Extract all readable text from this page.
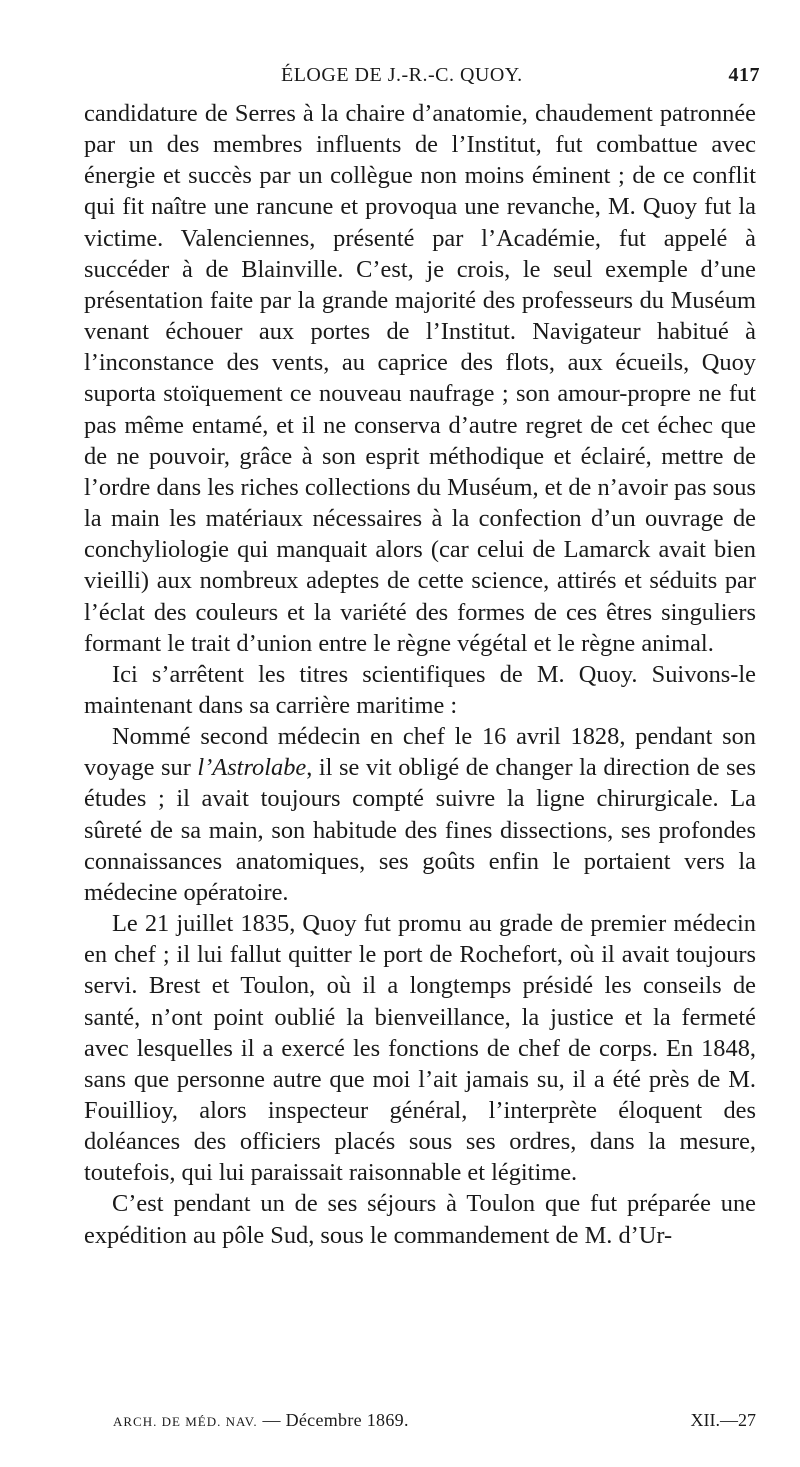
ÉLOGE DE J.-R.-C. QUOY.	417

candidature de Serres à la chaire d’anatomie, chaudement patronnée par un des membres influents de l’Institut, fut combattue avec énergie et succès par un collègue non moins éminent ; de ce conflit qui fit naître une rancune et provoqua une revanche, M. Quoy fut la victime. Valenciennes, présenté par l’Académie, fut appelé à succéder à de Blainville. C’est, je crois, le seul exemple d’une présentation faite par la grande majorité des professeurs du Muséum venant échouer aux portes de l’Institut. Navigateur habitué à l’inconstance des vents, au caprice des flots, aux écueils, Quoy suporta stoïquement ce nouveau naufrage ; son amour-propre ne fut pas même entamé, et il ne conserva d’autre regret de cet échec que de ne pouvoir, grâce à son esprit méthodique et éclairé, mettre de l’ordre dans les riches collections du Muséum, et de n’avoir pas sous la main les matériaux nécessaires à la confection d’un ouvrage de conchyliologie qui manquait alors (car celui de Lamarck avait bien vieilli) aux nombreux adeptes de cette science, attirés et séduits par l’éclat des couleurs et la variété des formes de ces êtres singuliers formant le trait d’union entre le règne végétal et le règne animal.

Ici s’arrêtent les titres scientifiques de M. Quoy. Suivons-le maintenant dans sa carrière maritime :

Nommé second médecin en chef le 16 avril 1828, pendant son voyage sur l’Astrolabe, il se vit obligé de changer la direction de ses études ; il avait toujours compté suivre la ligne chirurgicale. La sûreté de sa main, son habitude des fines dissections, ses profondes connaissances anatomiques, ses goûts enfin le portaient vers la médecine opératoire.

Le 21 juillet 1835, Quoy fut promu au grade de premier médecin en chef ; il lui fallut quitter le port de Rochefort, où il avait toujours servi. Brest et Toulon, où il a longtemps présidé les conseils de santé, n’ont point oublié la bienveillance, la justice et la fermeté avec lesquelles il a exercé les fonctions de chef de corps. En 1848, sans que personne autre que moi l’ait jamais su, il a été près de M. Fouillioy, alors inspecteur général, l’interprète éloquent des doléances des officiers placés sous ses ordres, dans la mesure, toutefois, qui lui paraissait raisonnable et légitime.

C’est pendant un de ses séjours à Toulon que fut préparée une expédition au pôle Sud, sous le commandement de M. d’Ur-

ARCH. DE MÉD. NAV. — Décembre 1869.	XII.—27
